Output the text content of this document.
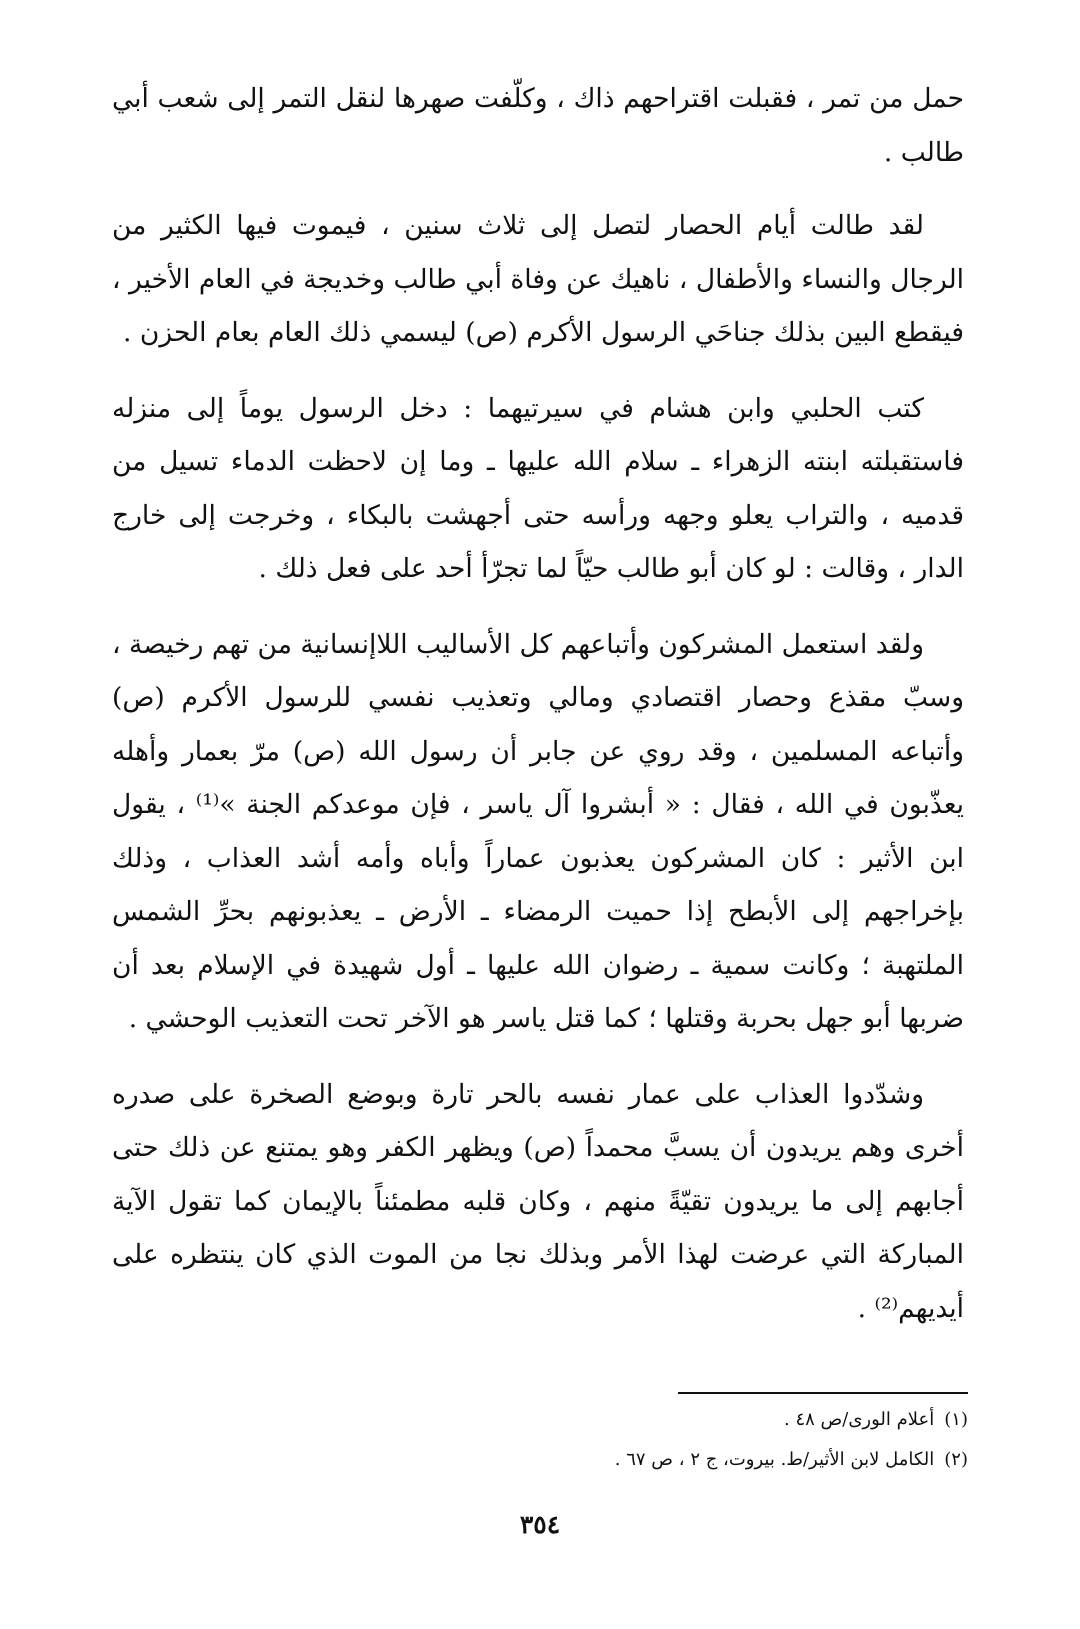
حمل من تمر ، فقبلت اقتراحهم ذاك ، وكلّفت صهرها لنقل التمر إلى شعب أبي طالب .

لقد طالت أيام الحصار لتصل إلى ثلاث سنين ، فيموت فيها الكثير من الرجال والنساء والأطفال ، ناهيك عن وفاة أبي طالب وخديجة في العام الأخير ، فيقطع البين بذلك جناحَي الرسول الأكرم (ص) ليسمي ذلك العام بعام الحزن .

كتب الحلبي وابن هشام في سيرتيهما : دخل الرسول يوماً إلى منزله فاستقبلته ابنته الزهراء ـ سلام الله عليها ـ وما إن لاحظت الدماء تسيل من قدميه ، والتراب يعلو وجهه ورأسه حتى أجهشت بالبكاء ، وخرجت إلى خارج الدار ، وقالت : لو كان أبو طالب حيّاً لما تجرّأ أحد على فعل ذلك .

ولقد استعمل المشركون وأتباعهم كل الأساليب اللاإنسانية من تهم رخيصة ، وسبّ مقذع وحصار اقتصادي ومالي وتعذيب نفسي للرسول الأكرم (ص) وأتباعه المسلمين ، وقد روي عن جابر أن رسول الله (ص) مرّ بعمار وأهله يعذّبون في الله ، فقال : « أبشروا آل ياسر ، فإن موعدكم الجنة »⁽¹⁾ ، يقول ابن الأثير : كان المشركون يعذبون عماراً وأباه وأمه أشد العذاب ، وذلك بإخراجهم إلى الأبطح إذا حميت الرمضاء ـ الأرض ـ يعذبونهم بحرِّ الشمس الملتهبة ؛ وكانت سمية ـ رضوان الله عليها ـ أول شهيدة في الإسلام بعد أن ضربها أبو جهل بحربة وقتلها ؛ كما قتل ياسر هو الآخر تحت التعذيب الوحشي .

وشدّدوا العذاب على عمار نفسه بالحر تارة وبوضع الصخرة على صدره أخرى وهم يريدون أن يسبَّ محمداً (ص) ويظهر الكفر وهو يمتنع عن ذلك حتى أجابهم إلى ما يريدون تقيّةً منهم ، وكان قلبه مطمئناً بالإيمان كما تقول الآية المباركة التي عرضت لهذا الأمر وبذلك نجا من الموت الذي كان ينتظره على أيديهم⁽²⁾ .

(١)أعلام الورى/ص ٤٨ .

(٢)الكامل لابن الأثير/ط. بيروت، ج ٢ ، ص ٦٧ .

٣٥٤
